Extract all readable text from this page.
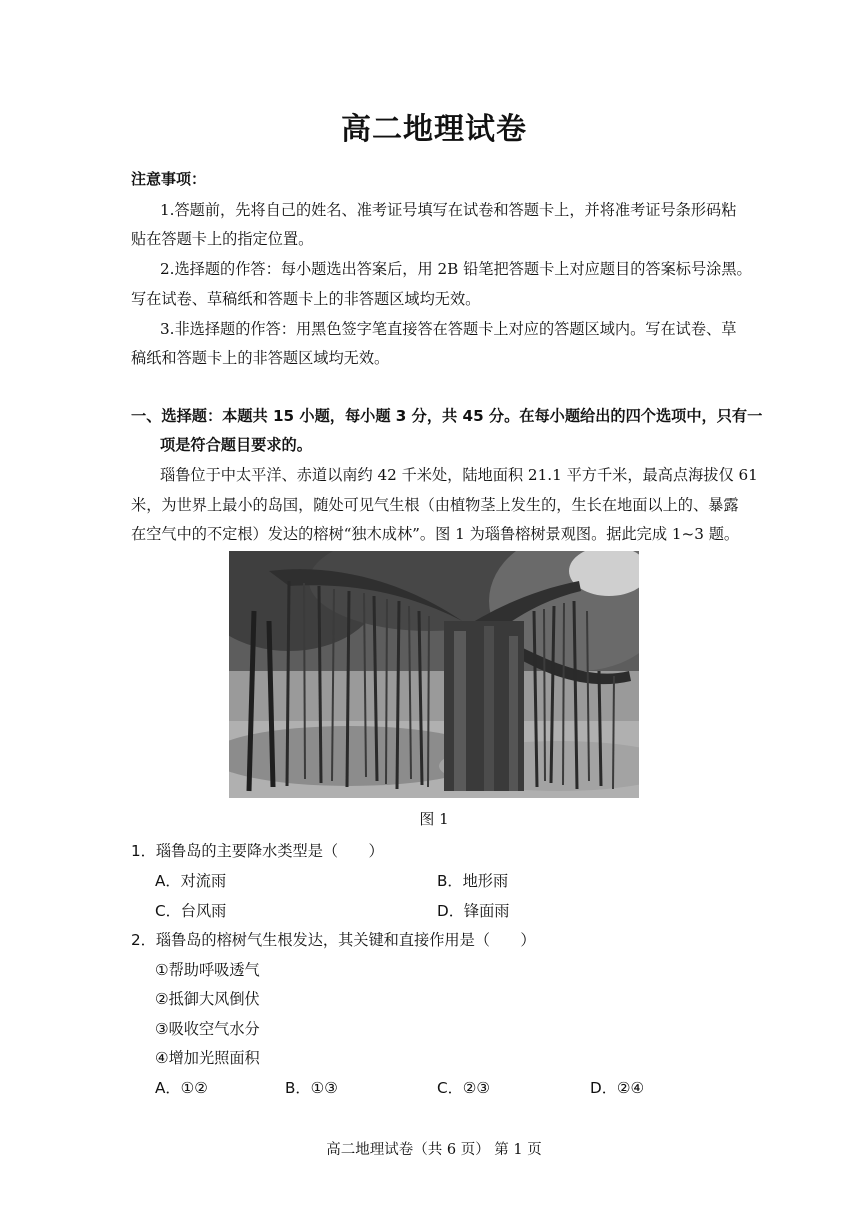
高二地理试卷
注意事项：
1.答题前，先将自己的姓名、准考证号填写在试卷和答题卡上，并将准考证号条形码粘
贴在答题卡上的指定位置。
2.选择题的作答：每小题选出答案后，用 2B 铅笔把答题卡上对应题目的答案标号涂黑。
写在试卷、草稿纸和答题卡上的非答题区域均无效。
3.非选择题的作答：用黑色签字笔直接答在答题卡上对应的答题区域内。写在试卷、草
稿纸和答题卡上的非答题区域均无效。
一、选择题：本题共 15 小题，每小题 3 分，共 45 分。在每小题给出的四个选项中，只有一
项是符合题目要求的。
瑙鲁位于中太平洋、赤道以南约 42 千米处，陆地面积 21.1 平方千米，最高点海拔仅 61
米，为世界上最小的岛国，随处可见气生根（由植物茎上发生的，生长在地面以上的、暴露
在空气中的不定根）发达的榕树“独木成林”。图 1 为瑙鲁榕树景观图。据此完成 1~3 题。
图 1
1．瑙鲁岛的主要降水类型是（　　）
A．对流雨	B．地形雨
C．台风雨	D．锋面雨
2．瑙鲁岛的榕树气生根发达，其关键和直接作用是（　　）
①帮助呼吸透气
②抵御大风倒伏
③吸收空气水分
④增加光照面积
A．①②	B．①③	C．②③	D．②④
高二地理试卷（共 6 页） 第 1 页
